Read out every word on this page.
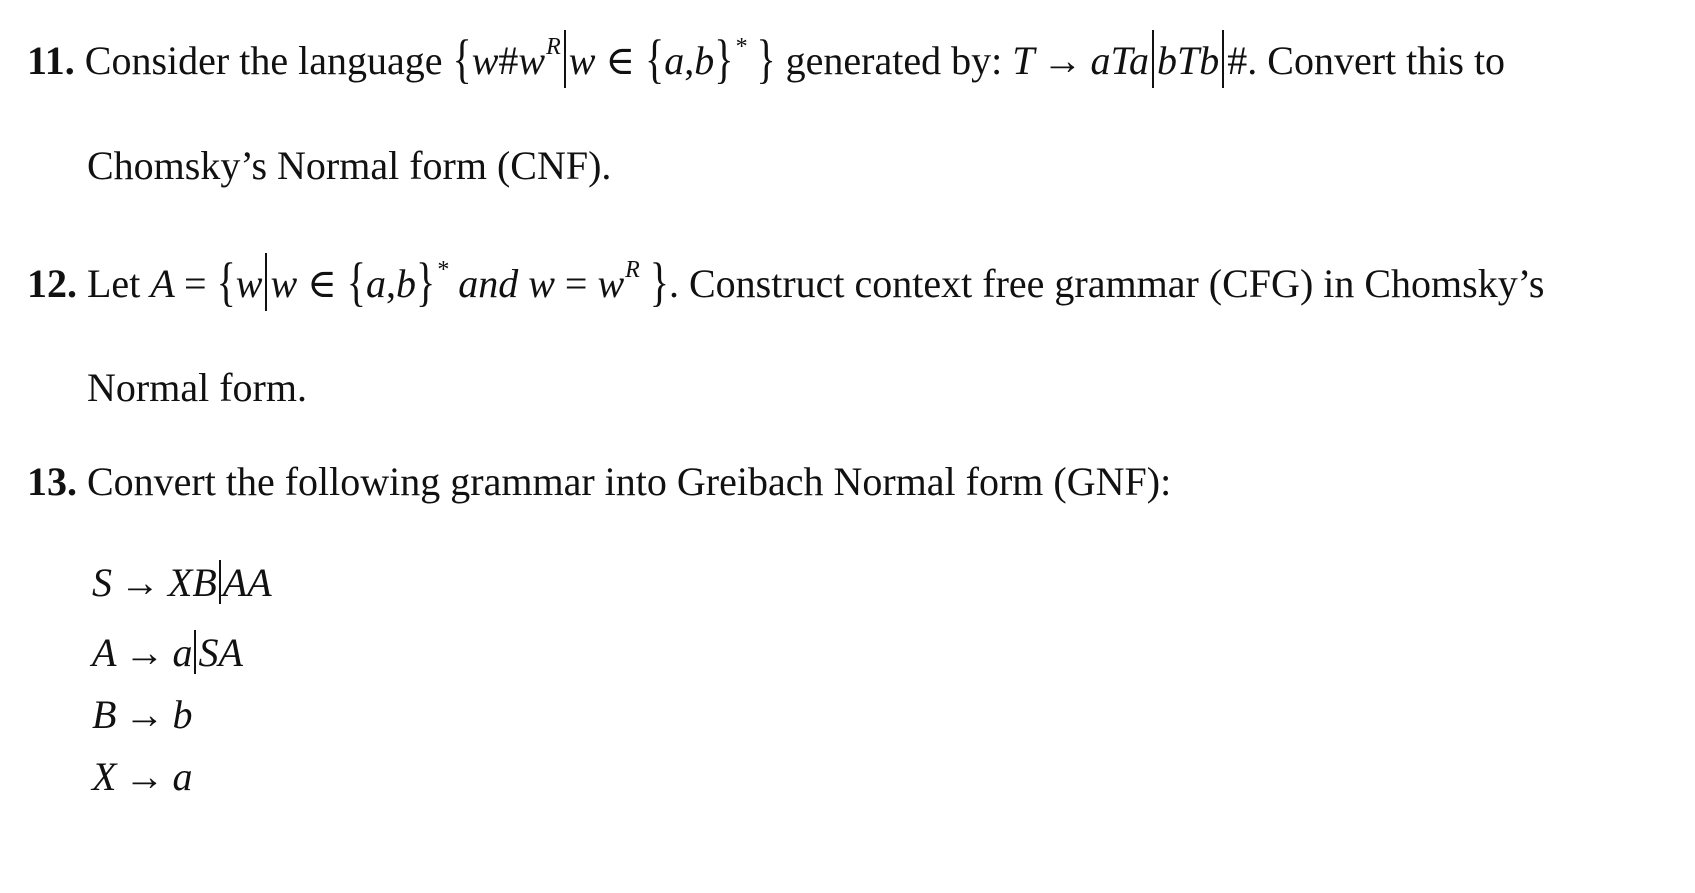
11. Consider the language {$w\#w^R$ w ∈ {a,b}* } generated by: T → aTa bTb #. Convert this to
Chomsky’s Normal form (CNF).
12. Let A = {w w ∈ {a,b}* and $w = w^R$ }. Construct context free grammar (CFG) in Chomsky’s
Normal form.
13. Convert the following grammar into Greibach Normal form (GNF):
S → XB AA
A → a SA
B → b
X → a
